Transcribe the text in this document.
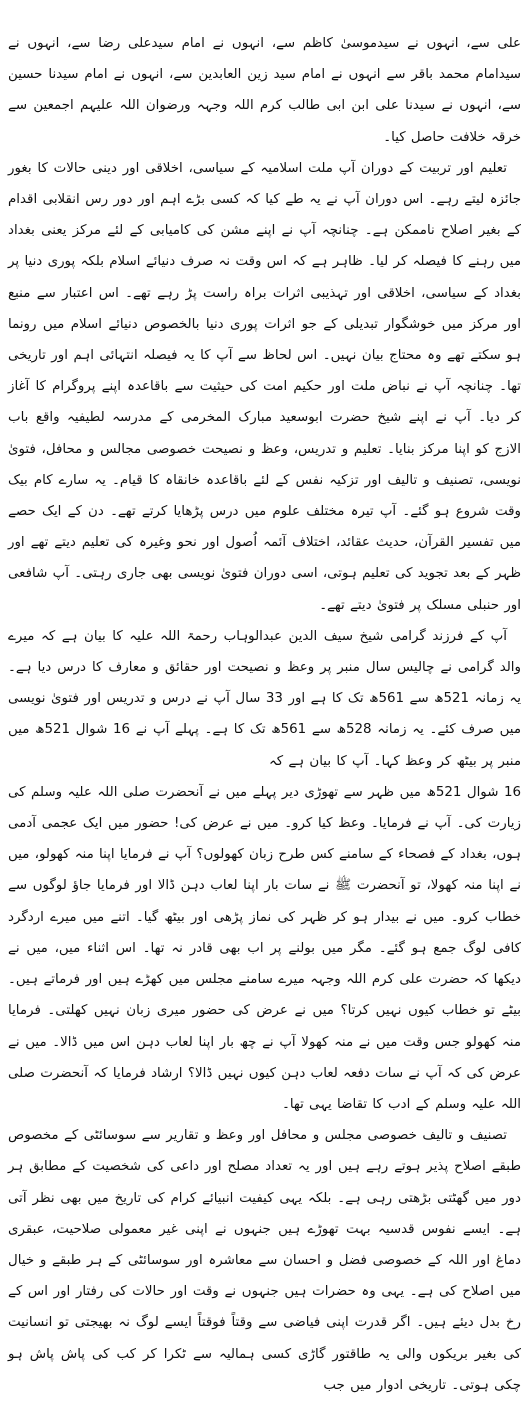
علی سے، انہوں نے سیدموسیٰ کاظم سے، انہوں نے امام سیدعلی رضا سے، انہوں نے سیدامام محمد باقر سے انہوں نے امام سید زین العابدین سے، انہوں نے امام سیدنا حسین سے، انہوں نے سیدنا علی ابن ابی طالب کرم اللہ وجہہ ورضوان اللہ علیہم اجمعین سے خرقہ خلافت حاصل کیا۔

تعلیم اور تربیت کے دوران آپ ملت اسلامیہ کے سیاسی، اخلاقی اور دینی حالات کا بغور جائزہ لیتے رہے۔ اس دوران آپ نے یہ طے کیا کہ کسی بڑے اہم اور دور رس انقلابی اقدام کے بغیر اصلاح ناممکن ہے۔ چنانچہ آپ نے اپنے مشن کی کامیابی کے لئے مرکز یعنی بغداد میں رہنے کا فیصلہ کر لیا۔ ظاہر ہے کہ اس وقت نہ صرف دنیائے اسلام بلکہ پوری دنیا پر بغداد کے سیاسی، اخلاقی اور تہذیبی اثرات براہ راست پڑ رہے تھے۔ اس اعتبار سے منبع اور مرکز میں خوشگوار تبدیلی کے جو اثرات پوری دنیا بالخصوص دنیائے اسلام میں رونما ہو سکتے تھے وہ محتاج بیان نہیں۔ اس لحاظ سے آپ کا یہ فیصلہ انتہائی اہم اور تاریخی تھا۔ چنانچہ آپ نے نباض ملت اور حکیم امت کی حیثیت سے باقاعدہ اپنے پروگرام کا آغاز کر دیا۔ آپ نے اپنے شیخ حضرت ابوسعید مبارک المخرمی کے مدرسہ لطیفیہ واقع باب الازج کو اپنا مرکز بنایا۔ تعلیم و تدریس، وعظ و نصیحت خصوصی مجالس و محافل، فتویٰ نویسی، تصنیف و تالیف اور تزکیہ نفس کے لئے باقاعدہ خانقاہ کا قیام۔ یہ سارے کام بیک وقت شروع ہو گئے۔ آپ تیرہ مختلف علوم میں درس پڑھایا کرتے تھے۔ دن کے ایک حصے میں تفسیر القرآن، حدیث عقائد، اختلاف آئمہ اُصول اور نحو وغیرہ کی تعلیم دیتے تھے اور ظہر کے بعد تجوید کی تعلیم ہوتی، اسی دوران فتویٰ نویسی بھی جاری رہتی۔ آپ شافعی اور حنبلی مسلک پر فتویٰ دیتے تھے۔

آپ کے فرزند گرامی شیخ سیف الدین عبدالوہاب رحمۃ اللہ علیہ کا بیان ہے کہ میرے والد گرامی نے چالیس سال منبر پر وعظ و نصیحت اور حقائق و معارف کا درس دیا ہے۔ یہ زمانہ 521ھ سے 561ھ تک کا ہے اور 33 سال آپ نے درس و تدریس اور فتویٰ نویسی میں صرف کئے۔ یہ زمانہ 528ھ سے 561ھ تک کا ہے۔ پہلے آپ نے 16 شوال 521ھ میں منبر پر بیٹھ کر وعظ کہا۔ آپ کا بیان ہے کہ

16 شوال 521ھ میں ظہر سے تھوڑی دیر پہلے میں نے آنحضرت صلی اللہ علیہ وسلم کی زیارت کی۔ آپ نے فرمایا۔ وعظ کیا کرو۔ میں نے عرض کی! حضور میں ایک عجمی آدمی ہوں، بغداد کے فصحاء کے سامنے کس طرح زبان کھولوں؟ آپ نے فرمایا اپنا منہ کھولو، میں نے اپنا منہ کھولا، تو آنحضرت ﷺ نے سات بار اپنا لعاب دہن ڈالا اور فرمایا جاؤ لوگوں سے خطاب کرو۔ میں نے بیدار ہو کر ظہر کی نماز پڑھی اور بیٹھ گیا۔ اتنے میں میرے اردگرد کافی لوگ جمع ہو گئے۔ مگر میں بولنے پر اب بھی قادر نہ تھا۔ اس اثناء میں، میں نے دیکھا کہ حضرت علی کرم اللہ وجہہ میرے سامنے مجلس میں کھڑے ہیں اور فرماتے ہیں۔ بیٹے تو خطاب کیوں نہیں کرتا؟ میں نے عرض کی حضور میری زبان نہیں کھلتی۔ فرمایا منہ کھولو جس وقت میں نے منہ کھولا آپ نے چھ بار اپنا لعاب دہن اس میں ڈالا۔ میں نے عرض کی کہ آپ نے سات دفعہ لعاب دہن کیوں نہیں ڈالا؟ ارشاد فرمایا کہ آنحضرت صلی اللہ علیہ وسلم کے ادب کا تقاضا یہی تھا۔

تصنیف و تالیف خصوصی مجلس و محافل اور وعظ و تقاریر سے سوسائٹی کے مخصوص طبقے اصلاح پذیر ہوتے رہے ہیں اور یہ تعداد مصلح اور داعی کی شخصیت کے مطابق ہر دور میں گھٹتی بڑھتی رہی ہے۔ بلکہ یہی کیفیت انبیائے کرام کی تاریخ میں بھی نظر آتی ہے۔ ایسے نفوس قدسیہ بہت تھوڑے ہیں جنہوں نے اپنی غیر معمولی صلاحیت، عبقری دماغ اور اللہ کے خصوصی فضل و احسان سے معاشرہ اور سوسائٹی کے ہر طبقے و خیال میں اصلاح کی ہے۔ یہی وہ حضرات ہیں جنہوں نے وقت اور حالات کی رفتار اور اس کے رخ بدل دیئے ہیں۔ اگر قدرت اپنی فیاضی سے وقتاً فوقتاً ایسے لوگ نہ بھیجتی تو انسانیت کی بغیر بریکوں والی یہ طاقتور گاڑی کسی ہمالیہ سے ٹکرا کر کب کی پاش پاش ہو چکی ہوتی۔ تاریخی ادوار میں جب
